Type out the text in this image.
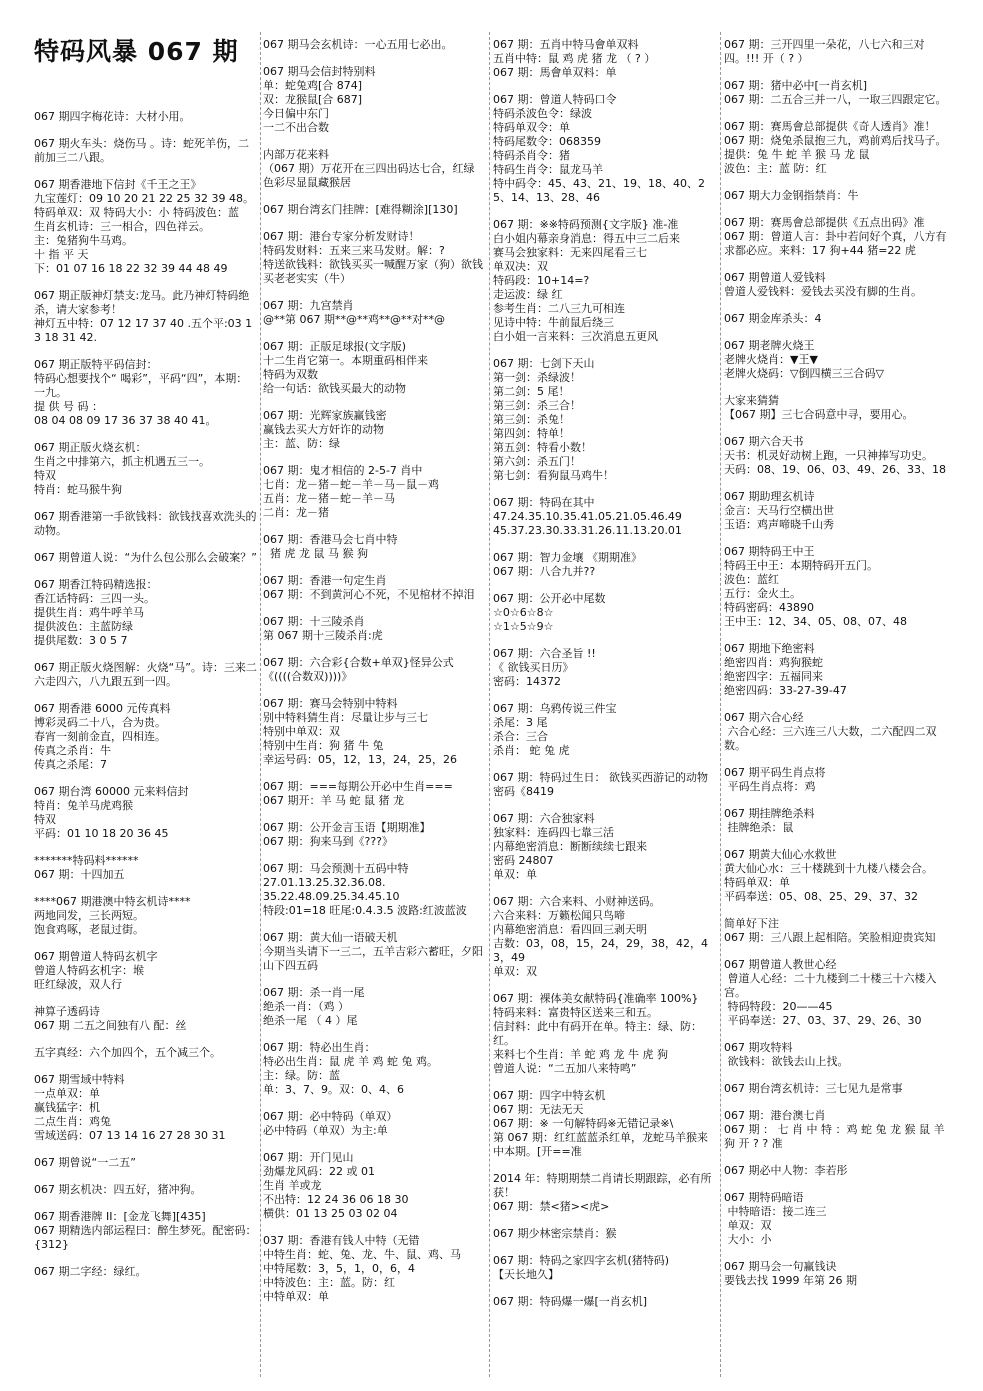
特码风暴 067 期
067 期四字梅花诗：大材小用。
067 期火车头：烧伤马 。诗：蛇死羊伤，二前加三二八跟。
067 期香港地下信封《千王之王》
九宝莲灯：09 10 20 21 22 25 32 39 48。
特码单双：双 特码大小：小 特码波色：蓝
生肖玄机诗：三一相合，四色祥云。
主：兔猪狗牛马鸡。
十 指 平 天
下：01 07 16 18 22 32 39 44 48 49
067 期正版神灯禁支:龙马。此乃神灯特码绝杀，请大家参考！
神灯五中特：07 12 17 37 40 .五个平:03 13 18 31 42.
067 期正版特平码信封：
特码心想要找个“ 喝彩”，平码“四”，本期：一九。
提 供 号 码 ：
08 04 08 09 17 36 37 38 40 41。
067 期正版火烧玄机：
生肖之中排第六，抓主机遇五三一。
特双
特肖：蛇马猴牛狗
067 期香港第一手欲钱料：欲钱找喜欢洗头的动物。
067 期曾道人说：“为什么包公那么会破案？”
067 期香江特码精选报：
香江话特码：三四一头。
提供生肖：鸡牛呼羊马
提供波色：主蓝防绿
提供尾数：3 0 5 7
067 期正版火烧图解：火烧“马”。诗：三来二六走四六，八九跟五到一四。
067 期香港 6000 元传真料
博彩灵码二十八，合为贵。
春宵一刻前金直，四相连。
传真之杀肖：牛
传真之杀尾：7
067 期台湾 60000 元来料信封
特肖：兔羊马虎鸡猴
特双
平码：01 10 18 20 36 45
*******特码料******
067 期：十四加五
****067 期港澳中特玄机诗****
两地同发，三长两短。
饱食鸡啄，老鼠过街。
067 期曾道人特码玄机字
曾道人特码玄机字：堠
旺红绿波，双人行
神算子透码诗
067 期 二五之间独有八 配：丝
五字真经：六个加四个，五个减三个。
067 期雪域中特料
一点单双：单
赢钱猛字：机
二点生肖：鸡兔
雪域送码：07 13 14 16 27 28 30 31
067 期曾说“一二五”
067 期玄机决：四五好，猪冲狗。
067 期香港牌 II：[金龙飞舞][435]
067 期精选内部运程曰：醉生梦死。配密码：{312}
067 期二字经：绿红。
067 期马会玄机诗：一心五用七必出。
067 期马会信封特别料
单：蛇兔鸡[合 874]
双：龙猴鼠[合 687]
今日偏中东门
一二不出合数
内部万花来料
（067 期）万花开在三四出码达七合，红绿色彩尽显鼠藏猴居
067 期台湾玄门挂牌：[难得糊涂][130]
067 期：港台专家分析发财诗！
特码发财料：五来三来马发财。解：?
特送欲钱料：欲钱买买一喊醒万家（狗）欲钱买老老实实（牛）
067 期：九宫禁肖
@**第 067 期**@**鸡**@**对**@
067 期：正版足球报(文字版)
十二生肖它第一。本期重码相伴来
特码为双数
给一句话：欲钱买最大的动物
067 期：光辉家族赢钱密
赢钱去买大方奸诈的动物
主：蓝、防：绿
067 期：鬼才相信的 2-5-7 肖中
七肖：龙－猪－蛇－羊－马－鼠－鸡
五肖：龙－猪－蛇－羊－马
二肖：龙－猪
067 期：香港马会七肖中特
猪 虎 龙 鼠 马 猴 狗
067 期：香港一句定生肖
067 期：不到黄河心不死，不见棺材不掉泪
067 期：十三陵杀肖
第 067 期十三陵杀肖:虎
067 期：六合彩{合数+单双}怪异公式
《((((合数双))))》
067 期：赛马会特别中特料
别中特料猜生肖：尽量让步与三七
特别中单双：双
特别中生肖：狗 猪 牛 兔
幸运号码：05，12，13，24，25，26
067 期：===每期公开必中生肖===
067 期开：羊 马 蛇 鼠 猪 龙
067 期：公开金言玉语【期期准】
067 期：狗来马到《???》
067 期：马会预测十五码中特
27.01.13.25.32.36.08.
35.22.48.09.25.34.45.10
特段:01=18 旺尾:0.4.3.5 波路:红波蓝波
067 期：黄大仙一语破天机
今期当头请下一三二，五羊吉彩六蓄旺，夕阳山下四五码
067 期：杀一肖一尾
绝杀一肖：（鸡 ）
绝杀一尾 （ 4 ）尾
067 期：特必出生肖：
特必出生肖：鼠 虎 羊 鸡 蛇 兔 鸡。
主：绿。防：蓝
单：3、7、9。双：0、4、6
067 期：必中特码（单双）
必中特码（单双）为主:单
067 期：开门见山
劲爆龙风码：22 或 01
生肖 羊或龙
不出特：12 24 36 06 18 30
横供：01 13 25 03 02 04
037 期：香港有钱人中特（无错
中特生肖：蛇、兔、龙、牛、鼠、鸡、马
中特尾数：3，5，1，0，6，4
中特波色：主：蓝。防：红
中特单双：单
067 期：五肖中特马會单双料
五肖中特：鼠 鸡 虎 猪 龙 （ ? ）
067 期：馬會单双料：单
067 期：曾道人特码口令
特码杀波色令：绿波
特码单双令：单
特码尾数令：068359
特码杀肖令：猪
特码生肖令：鼠龙马羊
特中码令：45、43、21、19、18、40、25、14、13、28、46
067 期：※※特码预测{文字版} 准-准
白小姐内幕亲身消息：得五中三二后来
赛马会独家料：无来四尾看三七
单双决：双
特码段：10+14=?
走运波：绿 红
参考生肖：二八三九可相连
见诗中特：牛前鼠后绕三
白小姐一言来料：三次消息五更风
067 期：七剑下天山
第一剑：杀绿波！
第二剑：5 尾！
第三剑：杀三合！
第三剑：杀兔！
第四剑：特单！
第五剑：特看小数！
第六剑：杀五门！
第七剑：看狗鼠马鸡牛！
067 期：特码在其中
47.24.35.10.35.41.05.21.05.46.49
45.37.23.30.33.31.26.11.13.20.01
067 期：智力金壤 《期期准》
067 期：八合九并??
067 期：公开必中尾数
☆0☆6☆8☆
☆1☆5☆9☆
067 期：六合圣旨 !!
《 欲钱买日历》
密码：14372
067 期：乌鸦传说三件宝
杀尾：3 尾
杀合：三合
杀肖： 蛇 兔 虎
067 期：特码过生日： 欲钱买西游记的动物
密码《8419
067 期：六合独家料
独家料：连码四七靠三活
内幕绝密消息：断断续续七跟来
密码 24807
单双：单
067 期：六合来料、小财神送码。
六合来料：万籁松闻只鸟啼
内幕绝密消息：看四回三剥天明
吉数：03，08，15，24，29，38，42，43，49
单双：双
067 期：裸体美女献特码{准确率 100%}
特码来料：富贵特区送来三和五。
信封料：此中有码开在单。特主：绿、防：红。
来料七个生肖：羊 蛇 鸡 龙 牛 虎 狗
曾道人说：“二五加八来特鸣”
067 期：四字中特玄机
067 期：无法无天
067 期：※ 一句解特码※无错记录※\
第 067 期：红红蓝蓝杀红单，龙蛇马羊猴来中本期。[开==准
2014 年：特期期禁二肖请长期跟踪，必有所获！
067 期：禁<猪><虎>
067 期少林密宗禁肖：猴
067 期：特码之家四字玄机(猪特码)
【天长地久】
067 期：特码爆一爆[一肖玄机]
067 期：三开四里一朵花，八七六和三对四。!!! 开（ ? ）
067 期：猪中必中[一肖玄机]
067 期：二五合三并一八，一取三四跟定它。
067 期：赛馬會总部提供《奇人透肖》准！
067 期：烧兔杀鼠抱三九，鸡前鸡后找马子。
提供：兔 牛 蛇 羊 猴 马 龙 鼠
波色：主：蓝 防：红
067 期大力金钢指禁肖：牛
067 期：赛馬會总部提供《五点出码》准
067 期：曾道人言：卦中若问好个真，八方有求都必应。来料：17 狗+44 猪=22 虎
067 期曾道人爱钱料
曾道人爱钱料：爱钱去买没有脚的生肖。
067 期金库杀头：4
067 期老牌火烧王
老牌火烧肖：▼王▼
老牌火烧码：▽倒四横三三合码▽
大家来猜猜
【067 期】三七合码意中寻，要用心。
067 期六合天书
天书：机灵好动树上跑，一只神捧写功史。
天码：08、19、06、03、49、26、33、18
067 期助理玄机诗
金言：天马行空横出世
玉语：鸡声啼晓千山秀
067 期特码王中王
特码王中王：本期特码开五门。
波色：蓝红
五行：金火土。
特码密码：43890
王中王：12、34、05、08、07、48
067 期地下绝密料
绝密四肖：鸡狗猴蛇
绝密四字：五福同来
绝密四码：33-27-39-47
067 期六合心经
六合心经：三六连三八大数，二六配四二双数。
067 期平码生肖点将
平码生肖点将：鸡
067 期挂牌绝杀料
挂牌绝杀：鼠
067 期黄大仙心水救世
黄大仙心水：三十楼跳到十九楼八楼会合。
特码单双：单
平码奉送：05、08、25、29、37、32
简单好下注
067 期：三八跟上起相陪。笑脸相迎贵宾知
067 期曾道人教世心经
曾道人心经：二十九楼到二十楼三十六楼入宫。
特码特段：20——45
平码奉送：27、03、37、29、26、30
067 期攻特料
欲钱料：欲钱去山上找。
067 期台湾玄机诗：三七见九是常事
067 期：港台澳七肖
067 期 ： 七 肖 中 特 ：鸡 蛇 兔 龙 猴 鼠 羊 狗 开 ? ? 准
067 期必中人物：李若彤
067 期特码暗语
中特暗语：接二连三
单双：双
大小：小
067 期马会一句赢钱诀
要钱去找 1999 年第 26 期
